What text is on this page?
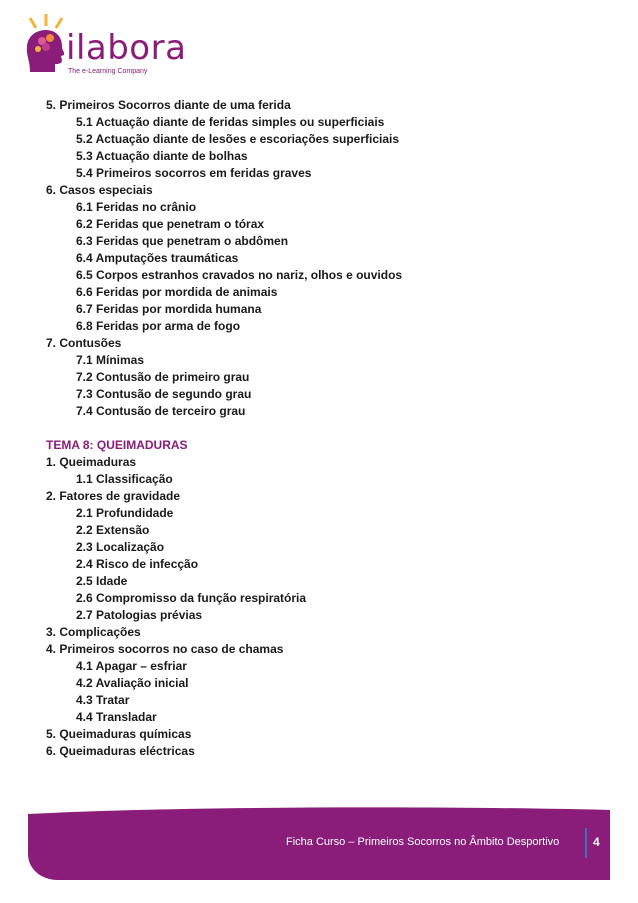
ilabora
The e-Learning Company
5. Primeiros Socorros diante de uma ferida
5.1 Actuação diante de feridas simples ou superficiais
5.2 Actuação diante de lesões e escoriações superficiais
5.3 Actuação diante de bolhas
5.4 Primeiros socorros em feridas graves
6. Casos especiais
6.1 Feridas no crânio
6.2 Feridas que penetram o tórax
6.3 Feridas que penetram o abdômen
6.4 Amputações traumáticas
6.5 Corpos estranhos cravados no nariz, olhos e ouvidos
6.6 Feridas por mordida de animais
6.7 Feridas por mordida humana
6.8 Feridas por arma de fogo
7. Contusões
7.1 Mínimas
7.2 Contusão de primeiro grau
7.3 Contusão de segundo grau
7.4 Contusão de terceiro grau
TEMA 8: QUEIMADURAS
1. Queimaduras
1.1 Classificação
2. Fatores de gravidade
2.1 Profundidade
2.2 Extensão
2.3 Localização
2.4 Risco de infecção
2.5 Idade
2.6 Compromisso da função respiratória
2.7 Patologias prévias
3. Complicações
4. Primeiros socorros no caso de chamas
4.1 Apagar – esfriar
4.2 Avaliação inicial
4.3 Tratar
4.4 Transladar
5. Queimaduras químicas
6. Queimaduras eléctricas
Ficha Curso – Primeiros Socorros no Âmbito Desportivo	4
